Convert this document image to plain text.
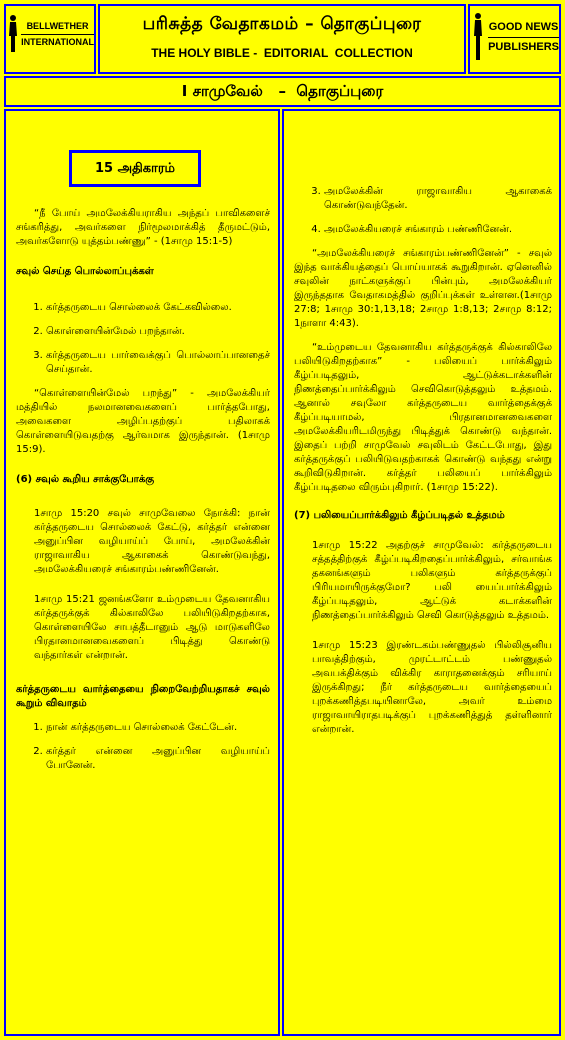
BELLWETHER
INTERNATIONAL
பரிசுத்த வேதாகமம் – தொகுப்புரை
THE HOLY BIBLE -  EDITORIAL  COLLECTION
GOOD NEWS
PUBLISHERS
I சாமுவேல்   –  தொகுப்புரை
15 அதிகாரம்

“நீ போய் அமலேக்கியராகிய அந்தப் பாவிகளைச் சங்கரித்து, அவர்களை நிர்மூலமாக்கித் தீருமட்டும், அவர்களோடு யுத்தம்பண்ணு” - (1சாமு 15:1-5)

சவுல் செய்த பொல்லாப்புக்கள்

1. கர்த்தருடைய சொல்லைக் கேட்கவில்லை.
2. கொள்ளையின்மேல் பறந்தான்.
3. கர்த்தருடைய பார்வைக்குப் பொல்லாப்பானதைச் செய்தான்.

“கொள்ளையின்மேல் பறந்து” - அமலேக்கியர் மத்தியில் நலமானவைகளைப் பார்த்தபோது, அவைகளை அழிப்பதற்குப் பதிலாகக் கொள்ளையிடுவதற்கு ஆர்வமாக இருந்தான். (1சாமு 15:9).

(6) சவுல் கூறிய சாக்குபோக்கு

1சாமு 15:20 சவுல் சாமுவேலை நோக்கி: நான் கர்த்தருடைய சொல்லைக் கேட்டு, கர்த்தர் என்னை அனுப்பின வழியாய்ப் போய், அமலேக்கின் ராஜாவாகிய ஆகாகைக் கொண்டுவந்து, அமலேக்கியரைச் சங்காரம்பண்ணினேன்.

1சாமு 15:21 ஜனங்களோ உம்முடைய தேவனாகிய கர்த்தருக்குக் கில்காலிலே பலியிடுகிறதற்காக, கொள்ளையிலே சாபத்தீடானும் ஆடு மாடுகளிலே பிரதானமானவைகளைப் பிடித்து கொண்டு வந்தார்கள் என்றான்.

கர்த்தருடைய வார்த்தையை நிறைவேற்றியதாகச் சவுல் கூறும் விவாதம்

1. நான் கர்த்தருடைய சொல்லைக் கேட்டேன்.
2. கர்த்தர் என்னை அனுப்பின வழியாய்ப் போனேன்.
3. அமலேக்கின் ராஜாவாகிய ஆகாகைக் கொண்டுவந்தேன்.
4. அமலேக்கியரைச் சங்காரம் பண்ணினேன்.

“அமலேக்கியரைச் சங்காரம்பண்ணினேன்” - சவுல் இந்த வாக்கியத்தைப் பொய்யாகக் கூறுகிறான். ஏனெனில் சவுலின் நாட்களுக்குப் பின்பும், அமலேக்கியர் இருந்ததாக வேதாகமத்தில் குறிப்புக்கள் உள்ளன.(1சாமு 27:8; 1சாமு 30:1,13,18; 2சாமு 1:8,13; 2சாமு 8:12; 1நாளா 4:43).

“உம்முடைய தேவனாகிய கர்த்தருக்குக் கில்காலிலே பலியிடுகிறதற்காக” - பலியைப் பார்க்கிலும் கீழ்ப்படிதலும், ஆட்டுக்கடாக்களின் நிணத்தைப்பார்க்கிலும் செவிகொடுத்தலும் உத்தமம். ஆனால் சவுலோ கர்த்தருடைய வார்த்தைக்குக் கீழ்ப்படியாமல், பிரதானமானவைகளை அமலேக்கியரிடமிருந்து பிடித்துக் கொண்டு வந்தான். இதைப் பற்றி சாமுவேல் சவுலிடம் கேட்டபோது, இது கர்த்தருக்குப் பலியிடுவதற்காகக் கொண்டு வந்தது என்று கூறிவிடுகிறான். கர்த்தர் பலியைப் பார்க்கிலும் கீழ்ப்படிதலை விரும்புகிறார். (1சாமு 15:22).

(7) பலியைப்பார்க்கிலும் கீழ்ப்படிதல் உத்தமம்

1சாமு 15:22 அதற்குச் சாமுவேல்: கர்த்தருடைய சத்தத்திற்குக் கீழ்ப்படிகிறதைப்பார்க்கிலும், சர்வாங்க தகனங்களும் பலிகளும் கர்த்தருக்குப் பிரியமாயிருக்குமோ? பலி யைப்பார்க்கிலும் கீழ்ப்படிதலும், ஆட்டுக் கடாக்களின் நிணத்தைப்பார்க்கிலும் செவி கொடுத்தலும் உத்தமம்.

1சாமு 15:23 இரண்டகம்பண்ணுதல் பில்லிசூனிய பாவத்திற்கும், முரட்டாட்டம் பண்ணுதல் அவபக்திக்கும் விக்கிர காராதனைக்கும் சரியாய் இருக்கிறது; நீர் கர்த்தருடைய வார்த்தையைப் புறக்கணித்தபடியினாலே, அவர் உம்மை ராஜாவாயிராதபடிக்குப் புறக்கணித்துத் தள்ளினார் என்றான்.
